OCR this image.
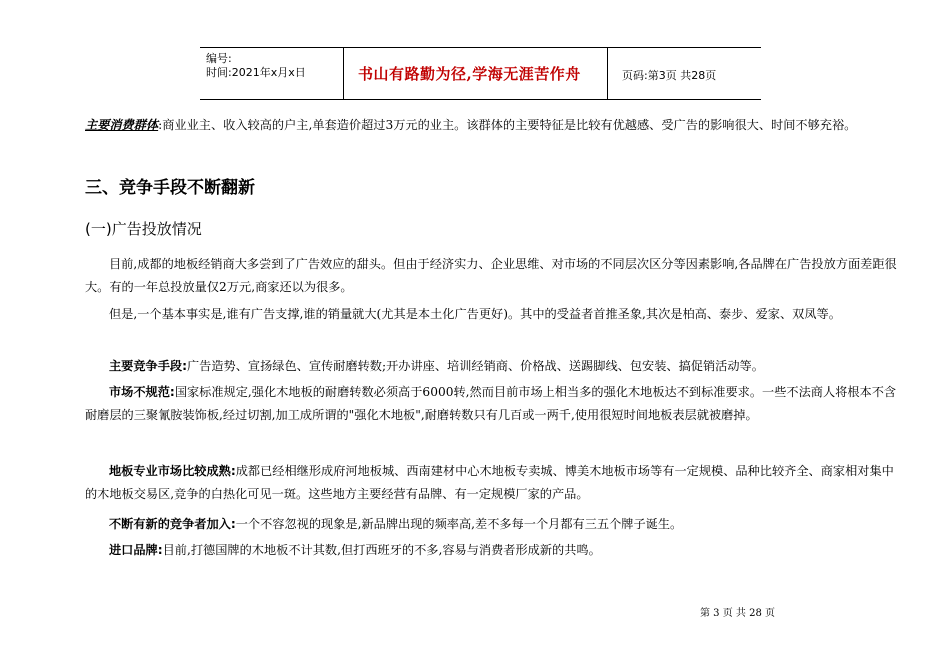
编号:
时间:2021年x月x日	书山有路勤为径,学海无涯苦作舟	页码:第3页 共28页
主要消费群体:商业业主、收入较高的户主,单套造价超过3万元的业主。该群体的主要特征是比较有优越感、受广告的影响很大、时间不够充裕。
三、竞争手段不断翻新
(一)广告投放情况
目前,成都的地板经销商大多尝到了广告效应的甜头。但由于经济实力、企业思维、对市场的不同层次区分等因素影响,各品牌在广告投放方面差距很大。有的一年总投放量仅2万元,商家还以为很多。
但是,一个基本事实是,谁有广告支撑,谁的销量就大(尤其是本土化广告更好)。其中的受益者首推圣象,其次是柏高、泰步、爱家、双凤等。
主要竞争手段:广告造势、宣扬绿色、宣传耐磨转数;开办讲座、培训经销商、价格战、送踢脚线、包安装、搞促销活动等。
市场不规范:国家标准规定,强化木地板的耐磨转数必须高于6000转,然而目前市场上相当多的强化木地板达不到标准要求。一些不法商人将根本不含耐磨层的三聚氰胺装饰板,经过切割,加工成所谓的"强化木地板",耐磨转数只有几百或一两千,使用很短时间地板表层就被磨掉。
地板专业市场比较成熟:成都已经相继形成府河地板城、西南建材中心木地板专卖城、博美木地板市场等有一定规模、品种比较齐全、商家相对集中的木地板交易区,竞争的白热化可见一斑。这些地方主要经营有品牌、有一定规模厂家的产品。
不断有新的竞争者加入:一个不容忽视的现象是,新品牌出现的频率高,差不多每一个月都有三五个牌子诞生。
进口品牌:目前,打德国牌的木地板不计其数,但打西班牙的不多,容易与消费者形成新的共鸣。
第 3 页 共 28 页
